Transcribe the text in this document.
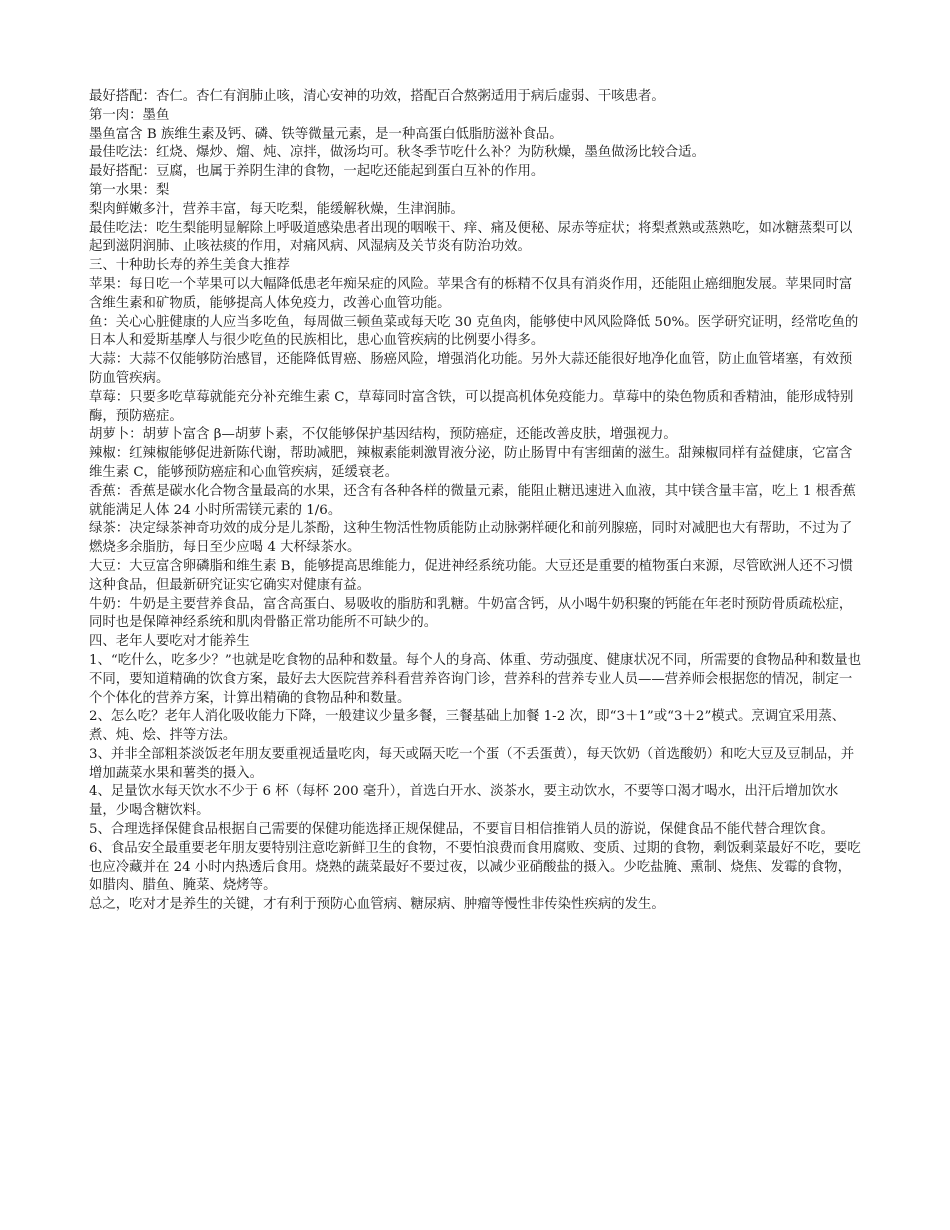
最好搭配：杏仁。杏仁有润肺止咳，清心安神的功效，搭配百合熬粥适用于病后虚弱、干咳患者。

第一肉：墨鱼

墨鱼富含 B 族维生素及钙、磷、铁等微量元素，是一种高蛋白低脂肪滋补食品。

最佳吃法：红烧、爆炒、熘、炖、凉拌，做汤均可。秋冬季节吃什么补？为防秋燥，墨鱼做汤比较合适。

最好搭配：豆腐，也属于养阴生津的食物，一起吃还能起到蛋白互补的作用。

第一水果：梨

梨肉鲜嫩多汁，营养丰富，每天吃梨，能缓解秋燥，生津润肺。

最佳吃法：吃生梨能明显解除上呼吸道感染患者出现的咽喉干、痒、痛及便秘、尿赤等症状；将梨煮熟或蒸熟吃，如冰糖蒸梨可以起到滋阴润肺、止咳祛痰的作用，对痛风病、风湿病及关节炎有防治功效。

三、十种助长寿的养生美食大推荐

苹果：每日吃一个苹果可以大幅降低患老年痴呆症的风险。苹果含有的栎精不仅具有消炎作用，还能阻止癌细胞发展。苹果同时富含维生素和矿物质，能够提高人体免疫力，改善心血管功能。

鱼：关心心脏健康的人应当多吃鱼，每周做三顿鱼菜或每天吃 30 克鱼肉，能够使中风风险降低 50%。医学研究证明，经常吃鱼的日本人和爱斯基摩人与很少吃鱼的民族相比，患心血管疾病的比例要小得多。

大蒜：大蒜不仅能够防治感冒，还能降低胃癌、肠癌风险，增强消化功能。另外大蒜还能很好地净化血管，防止血管堵塞，有效预防血管疾病。

草莓：只要多吃草莓就能充分补充维生素 C，草莓同时富含铁，可以提高机体免疫能力。草莓中的染色物质和香精油，能形成特别酶，预防癌症。

胡萝卜：胡萝卜富含 β—胡萝卜素，不仅能够保护基因结构，预防癌症，还能改善皮肤，增强视力。

辣椒：红辣椒能够促进新陈代谢，帮助减肥，辣椒素能刺激胃液分泌，防止肠胃中有害细菌的滋生。甜辣椒同样有益健康，它富含维生素 C，能够预防癌症和心血管疾病，延缓衰老。

香蕉：香蕉是碳水化合物含量最高的水果，还含有各种各样的微量元素，能阻止糖迅速进入血液，其中镁含量丰富，吃上 1 根香蕉就能满足人体 24 小时所需镁元素的 1/6。

绿茶：决定绿茶神奇功效的成分是儿茶酚，这种生物活性物质能防止动脉粥样硬化和前列腺癌，同时对减肥也大有帮助，不过为了燃烧多余脂肪，每日至少应喝 4 大杯绿茶水。

大豆：大豆富含卵磷脂和维生素 B，能够提高思维能力，促进神经系统功能。大豆还是重要的植物蛋白来源，尽管欧洲人还不习惯这种食品，但最新研究证实它确实对健康有益。

牛奶：牛奶是主要营养食品，富含高蛋白、易吸收的脂肪和乳糖。牛奶富含钙，从小喝牛奶积聚的钙能在年老时预防骨质疏松症，同时也是保障神经系统和肌肉骨骼正常功能所不可缺少的。

四、老年人要吃对才能养生

1、“吃什么，吃多少？”也就是吃食物的品种和数量。每个人的身高、体重、劳动强度、健康状况不同，所需要的食物品种和数量也不同，要知道精确的饮食方案，最好去大医院营养科看营养咨询门诊，营养科的营养专业人员——营养师会根据您的情况，制定一个个体化的营养方案，计算出精确的食物品种和数量。

2、怎么吃？老年人消化吸收能力下降，一般建议少量多餐，三餐基础上加餐 1-2 次，即“3＋1”或“3＋2”模式。烹调宜采用蒸、煮、炖、烩、拌等方法。

3、并非全部粗茶淡饭老年朋友要重视适量吃肉，每天或隔天吃一个蛋（不丢蛋黄），每天饮奶（首选酸奶）和吃大豆及豆制品，并增加蔬菜水果和薯类的摄入。

4、足量饮水每天饮水不少于 6 杯（每杯 200 毫升），首选白开水、淡茶水，要主动饮水，不要等口渴才喝水，出汗后增加饮水量，少喝含糖饮料。

5、合理选择保健食品根据自己需要的保健功能选择正规保健品，不要盲目相信推销人员的游说，保健食品不能代替合理饮食。

6、食品安全最重要老年朋友要特别注意吃新鲜卫生的食物，不要怕浪费而食用腐败、变质、过期的食物，剩饭剩菜最好不吃，要吃也应冷藏并在 24 小时内热透后食用。烧熟的蔬菜最好不要过夜，以减少亚硝酸盐的摄入。少吃盐腌、熏制、烧焦、发霉的食物，如腊肉、腊鱼、腌菜、烧烤等。

总之，吃对才是养生的关键，才有利于预防心血管病、糖尿病、肿瘤等慢性非传染性疾病的发生。
